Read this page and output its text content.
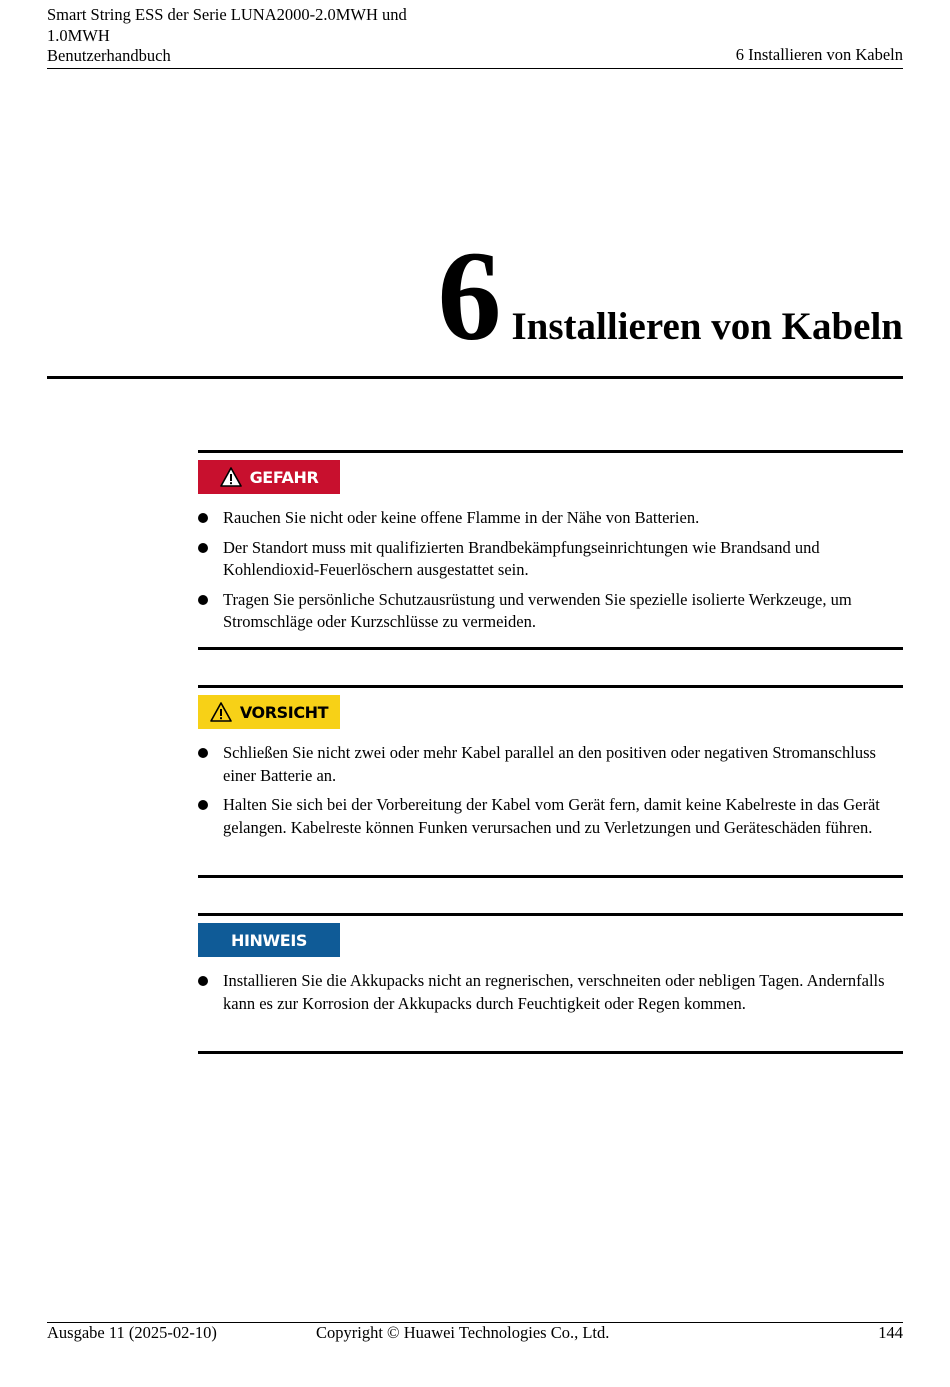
Smart String ESS der Serie LUNA2000-2.0MWH und
1.0MWH
Benutzerhandbuch	6 Installieren von Kabeln
6 Installieren von Kabeln
GEFAHR
Rauchen Sie nicht oder keine offene Flamme in der Nähe von Batterien.
Der Standort muss mit qualifizierten Brandbekämpfungseinrichtungen wie Brandsand und Kohlendioxid-Feuerlöschern ausgestattet sein.
Tragen Sie persönliche Schutzausrüstung und verwenden Sie spezielle isolierte Werkzeuge, um Stromschläge oder Kurzschlüsse zu vermeiden.
VORSICHT
Schließen Sie nicht zwei oder mehr Kabel parallel an den positiven oder negativen Stromanschluss einer Batterie an.
Halten Sie sich bei der Vorbereitung der Kabel vom Gerät fern, damit keine Kabelreste in das Gerät gelangen. Kabelreste können Funken verursachen und zu Verletzungen und Geräteschäden führen.
HINWEIS
Installieren Sie die Akkupacks nicht an regnerischen, verschneiten oder nebligen Tagen. Andernfalls kann es zur Korrosion der Akkupacks durch Feuchtigkeit oder Regen kommen.
Ausgabe 11 (2025-02-10)	Copyright © Huawei Technologies Co., Ltd.	144
